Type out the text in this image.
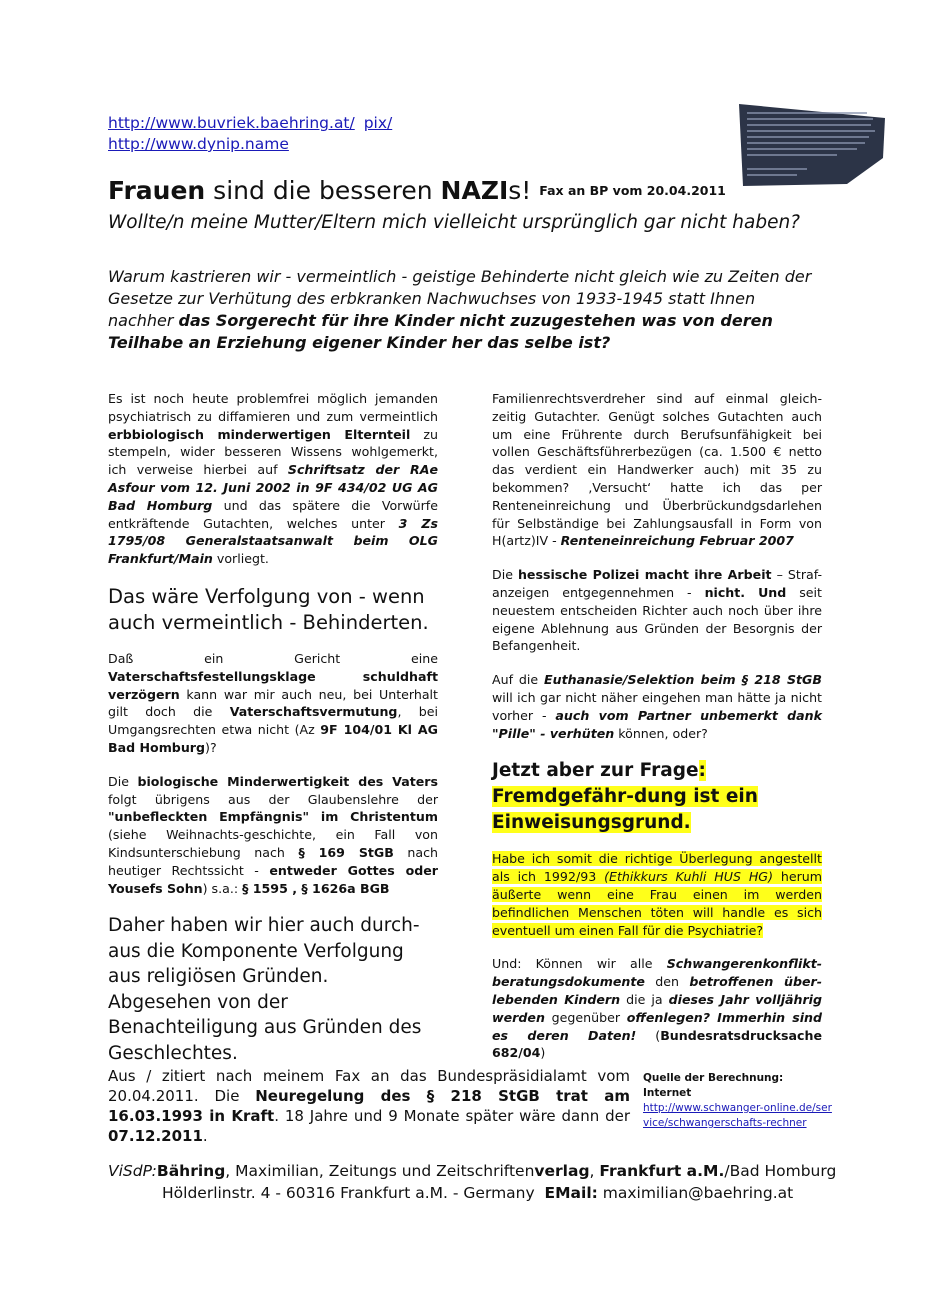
http://www.buvriek.baehring.at/ pix/
http://www.dynip.name
Frauen sind die besseren NAZIs! Fax an BP vom 20.04.2011
Wollte/n meine Mutter/Eltern mich vielleicht ursprünglich gar nicht haben?
Warum kastrieren wir - vermeintlich - geistige Behinderte nicht gleich wie zu Zeiten der Gesetze zur Verhütung des erbkranken Nachwuchses von 1933-1945 statt Ihnen nachher das Sorgerecht für ihre Kinder nicht zuzugestehen was von deren Teilhabe an Erziehung eigener Kinder her das selbe ist?

Es ist noch heute problemfrei möglich jemanden psychiatrisch zu diffamieren und zum vermeintlich erbbiologisch minderwertigen Elternteil zu stempeln, wider besseren Wissens wohlgemerkt, ich verweise hierbei auf Schriftsatz der RAe Asfour vom 12. Juni 2002 in 9F 434/02 UG AG Bad Homburg und das spätere die Vorwürfe entkräftende Gutachten, welches unter 3 Zs 1795/08 Generalstaatsanwalt beim OLG Frankfurt/Main vorliegt.

Das wäre Verfolgung von - wenn auch vermeintlich - Behinderten.

Daß ein Gericht eine Vaterschaftsfestellungsklage schuldhaft verzögern kann war mir auch neu, bei Unterhalt gilt doch die Vaterschaftsvermutung, bei Umgangsrechten etwa nicht (Az 9F 104/01 Kl AG Bad Homburg)?

Die biologische Minderwertigkeit des Vaters folgt übrigens aus der Glaubenslehre der "unbefleckten Empfängnis" im Christentum (siehe Weihnachts-geschichte, ein Fall von Kindsunterschiebung nach § 169 StGB nach heutiger Rechtssicht - entweder Gottes oder Yousefs Sohn) s.a.: § 1595 , § 1626a BGB

Daher haben wir hier auch durch-aus die Komponente Verfolgung aus religiösen Gründen.
Abgesehen von der Benachteiligung aus Gründen des Geschlechtes.

Familienrechtsverdreher sind auf einmal gleich-zeitig Gutachter. Genügt solches Gutachten auch um eine Frührente durch Berufsunfähigkeit bei vollen Geschäftsführerbezügen (ca. 1.500 € netto das verdient ein Handwerker auch) mit 35 zu bekommen? ‚Versucht‘ hatte ich das per Renteneinreichung und Überbrückundgsdarlehen für Selbständige bei Zahlungsausfall in Form von H(artz)IV - Renteneinreichung Februar 2007

Die hessische Polizei macht ihre Arbeit – Straf-anzeigen entgegennehmen - nicht. Und seit neuestem entscheiden Richter auch noch über ihre eigene Ablehnung aus Gründen der Besorgnis der Befangenheit.

Auf die Euthanasie/Selektion beim § 218 StGB will ich gar nicht näher eingehen man hätte ja nicht vorher - auch vom Partner unbemerkt dank "Pille" - verhüten können, oder?

Jetzt aber zur Frage: Fremdgefähr-dung ist ein Einweisungsgrund.

Habe ich somit die richtige Überlegung angestellt als ich 1992/93 (Ethikkurs Kuhli HUS HG) herum äußerte wenn eine Frau einen im werden befindlichen Menschen töten will handle es sich eventuell um einen Fall für die Psychiatrie?

Und: Können wir alle Schwangerenkonflikt-beratungsdokumente den betroffenen über-lebenden Kindern die ja dieses Jahr volljährig werden gegenüber offenlegen? Immerhin sind es deren Daten! (Bundesratsdrucksache 682/04)

Aus / zitiert nach meinem Fax an das Bundespräsidialamt vom 20.04.2011. Die Neuregelung des § 218 StGB trat am 16.03.1993 in Kraft. 18 Jahre und 9 Monate später wäre dann der 07.12.2011.
Quelle der Berechnung: Internet
http://www.schwanger-online.de/service/schwangerschafts-rechner
ViSdP:Bähring, Maximilian, Zeitungs und Zeitschriftenverlag, Frankfurt a.M./Bad Homburg
Hölderlinstr. 4 - 60316 Frankfurt a.M. - Germany EMail: maximilian@baehring.at
